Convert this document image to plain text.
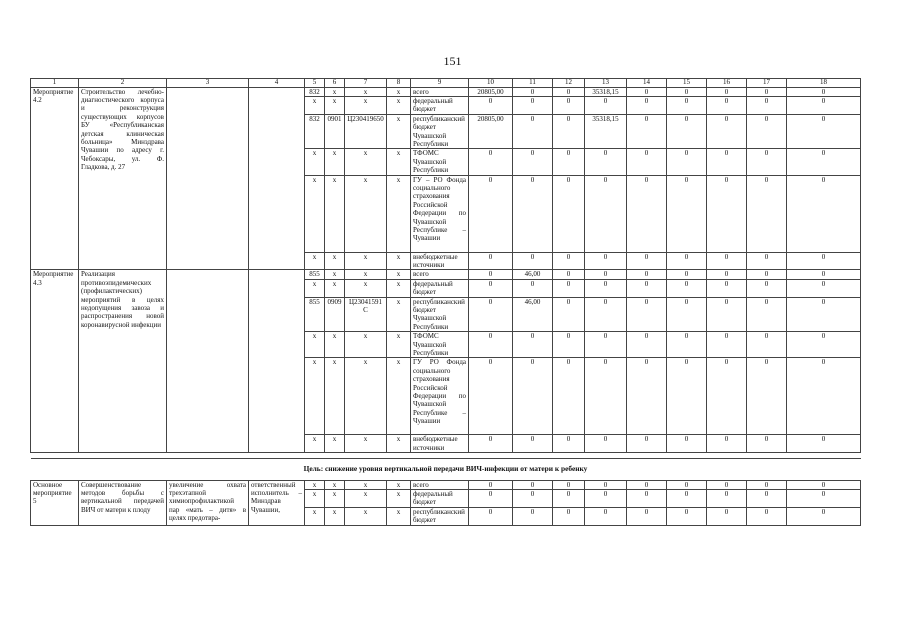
151
1	2	3	4	5	6	7	8	9	10	11	12	13	14	15	16	17	18
Мероприятие 4.2	Строительство лечебно-диагностического корпуса и реконструкция существующих корпусов БУ «Республиканская детская клиническая больница» Минздрава Чувашии по адресу г. Чебоксары, ул. Ф. Гладкова, д. 27			832	x	x	x	всего	20805,00	0	0	35318,15	0	0	0	0	0
				x	x	x	x	федеральный бюджет	0	0	0	0	0	0	0	0	0
				832	0901	Ц230419650	x	республиканский бюджет Чувашской Республики	20805,00	0	0	35318,15	0	0	0	0	0
				x	x	x	x	ТФОМС Чувашской Республики	0	0	0	0	0	0	0	0	0
				x	x	x	x	ГУ – РО Фонда социального страхования Российской Федерации по Чувашской Республике – Чувашии	0	0	0	0	0	0	0	0	0
				x	x	x	x	внебюджетные источники	0	0	0	0	0	0	0	0	0
Мероприятие 4.3	Реализация противоэпидемических (профилактических) мероприятий в целях недопущения завоза и распространения новой коронавирусной инфекции			855	x	x	x	всего	0	46,00	0	0	0	0	0	0	0
				x	x	x	x	федеральный бюджет	0	0	0	0	0	0	0	0	0
				855	0909	Ц23041591С	x	республиканский бюджет Чувашской Республики	0	46,00	0	0	0	0	0	0	0
				x	x	x	x	ТФОМС Чувашской Республики	0	0	0	0	0	0	0	0	0
				x	x	x	x	ГУ РО Фонда социального страхования Российской Федерации по Чувашской Республике – Чувашии	0	0	0	0	0	0	0	0	0
				x	x	x	x	внебюджетные источники	0	0	0	0	0	0	0	0	0

Цель: снижение уровня вертикальной передачи ВИЧ-инфекции от матери к ребенку																	
Основное мероприятие 5	Совершенствование методов борьбы с вертикальной передачей ВИЧ от матери к плоду	увеличение охвата трехэтапной химиопрофилактикой пар «мать – дитя» в целях предотвра-	ответственный исполнитель – Минздрав Чувашии,	x	x	x	x	всего	0	0	0	0	0	0	0	0	0
				x	x	x	x	федеральный бюджет	0	0	0	0	0	0	0	0	0
				x	x	x	x	республиканский бюджет	0	0	0	0	0	0	0	0	0
